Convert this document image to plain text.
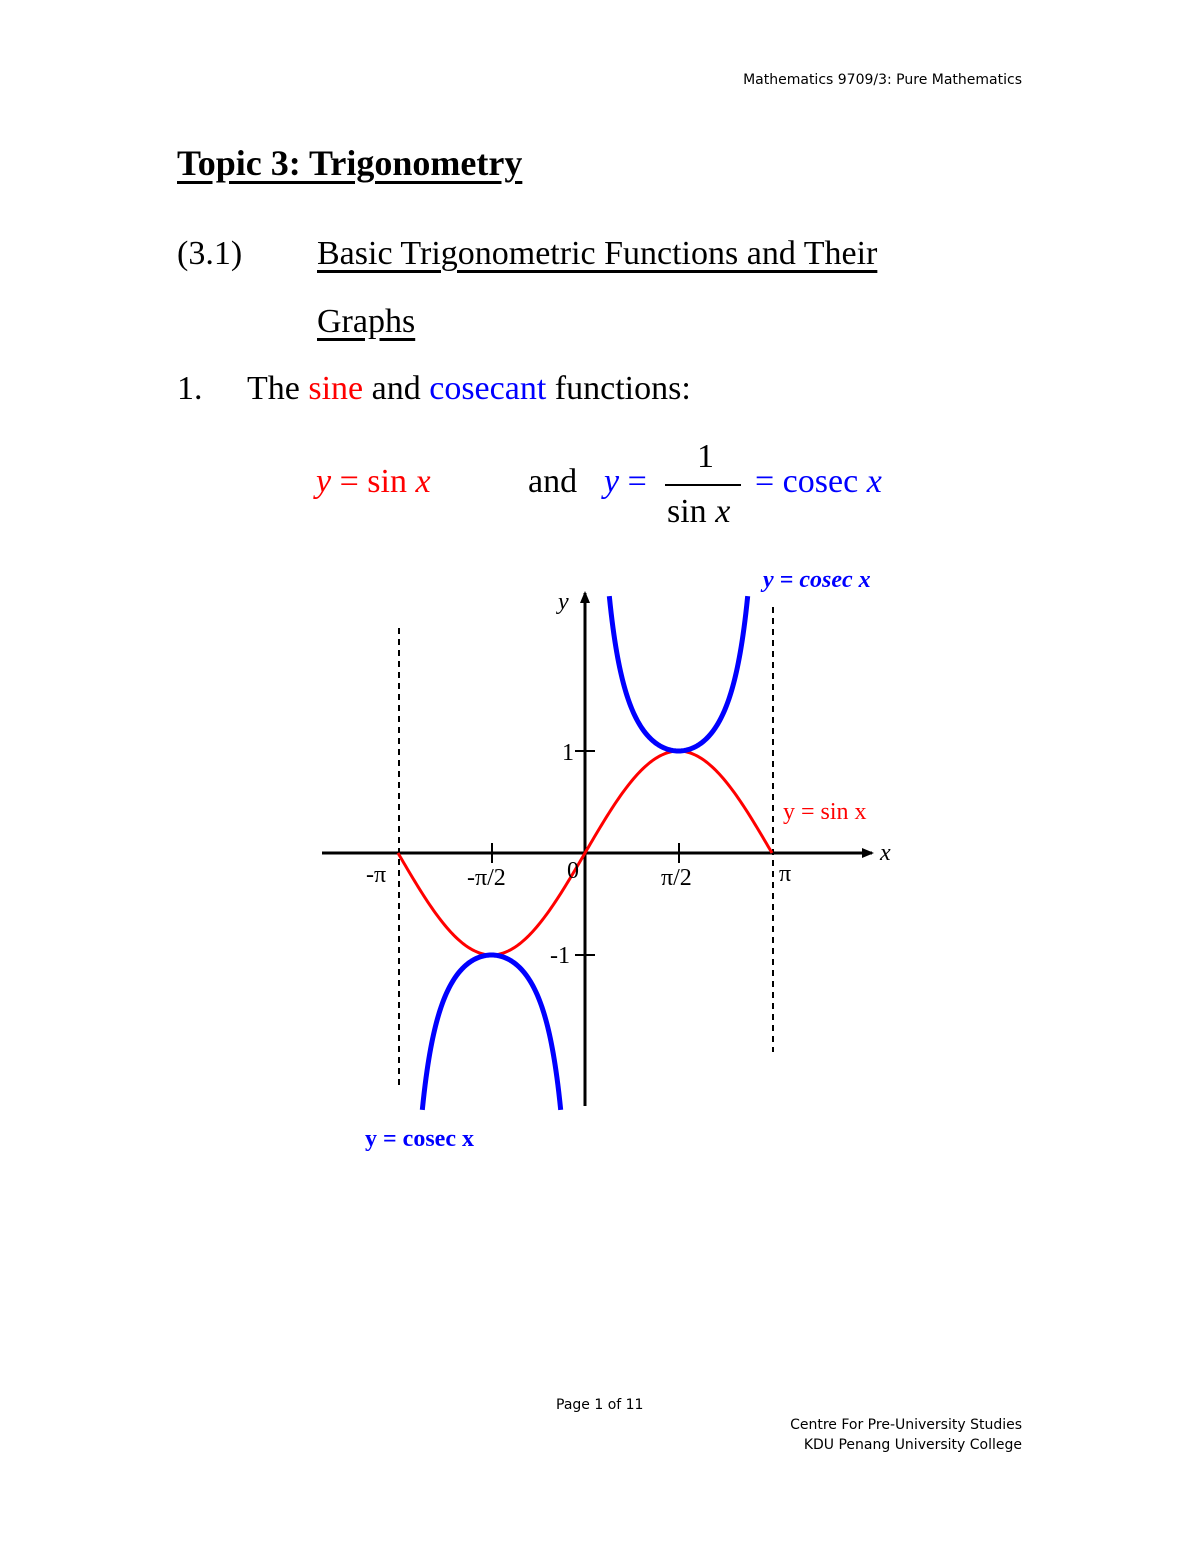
Mathematics 9709/3: Pure Mathematics
Topic 3: Trigonometry
(3.1) Basic Trigonometric Functions and Their
Graphs
1. The sine and cosecant functions:
y = sin x	and y =
1
sin x
= cosec x
y
x
-π	-π/2	0	π/2	π
1
-1
y = cosec x
y = sin x
y = cosec x
Page 1 of 11
Centre For Pre-University Studies
KDU Penang University College
